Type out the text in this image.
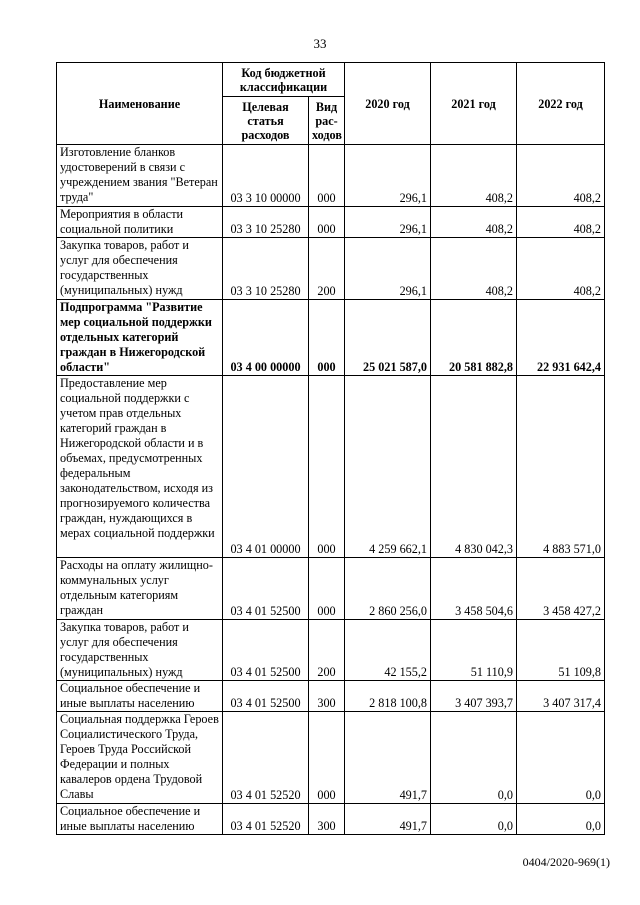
33
Наименование	Код бюджетной классификации		2020 год	2021 год	2022 год
	Целевая статья расходов	Вид рас-ходов			
Изготовление бланков удостоверений в связи с учреждением звания "Ветеран труда"	03 3 10 00000	000	296,1	408,2	408,2
Мероприятия в области социальной политики	03 3 10 25280	000	296,1	408,2	408,2
Закупка товаров, работ и услуг для обеспечения государственных (муниципальных) нужд	03 3 10 25280	200	296,1	408,2	408,2
Подпрограмма "Развитие мер социальной поддержки отдельных категорий граждан в Нижегородской области"	03 4 00 00000	000	25 021 587,0	20 581 882,8	22 931 642,4
Предоставление мер социальной поддержки с учетом прав отдельных категорий граждан в Нижегородской области и в объемах, предусмотренных федеральным законодательством, исходя из прогнозируемого количества граждан, нуждающихся в мерах социальной поддержки	03 4 01 00000	000	4 259 662,1	4 830 042,3	4 883 571,0
Расходы на оплату жилищно-коммунальных услуг отдельным категориям граждан	03 4 01 52500	000	2 860 256,0	3 458 504,6	3 458 427,2
Закупка товаров, работ и услуг для обеспечения государственных (муниципальных) нужд	03 4 01 52500	200	42 155,2	51 110,9	51 109,8
Социальное обеспечение и иные выплаты населению	03 4 01 52500	300	2 818 100,8	3 407 393,7	3 407 317,4
Социальная поддержка Героев Социалистического Труда, Героев Труда Российской Федерации и полных кавалеров ордена Трудовой Славы	03 4 01 52520	000	491,7	0,0	0,0
Социальное обеспечение и иные выплаты населению	03 4 01 52520	300	491,7	0,0	0,0
0404/2020-969(1)
